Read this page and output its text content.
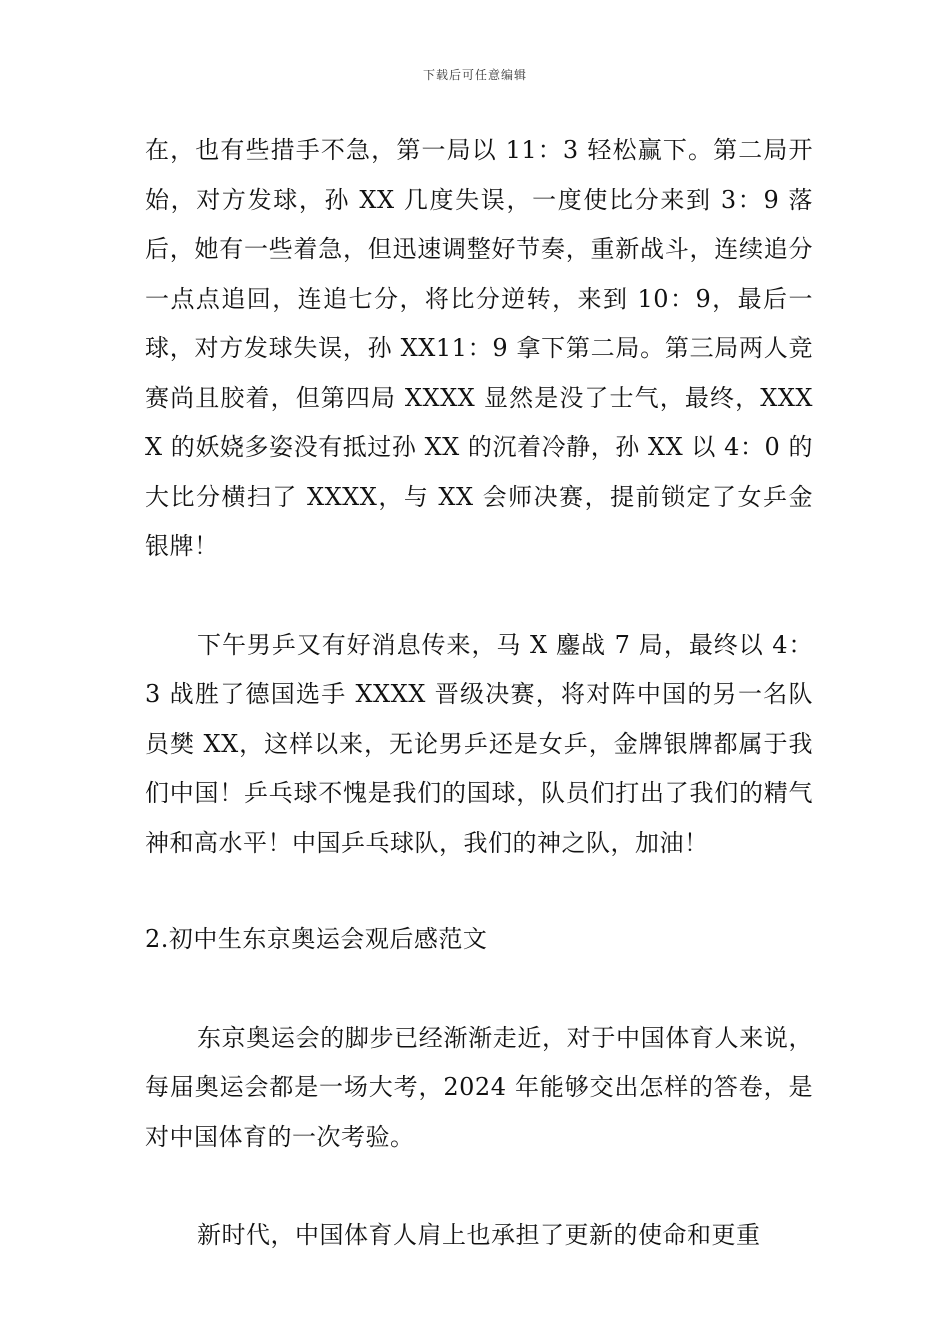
下载后可任意编辑

在，也有些措手不急，第一局以 11：3 轻松赢下。第二局开始，对方发球，孙 XX 几度失误，一度使比分来到 3：9 落后，她有一些着急，但迅速调整好节奏，重新战斗，连续追分一点点追回，连追七分，将比分逆转，来到 10：9，最后一球，对方发球失误，孙 XX11：9 拿下第二局。第三局两人竞赛尚且胶着，但第四局 XXXX 显然是没了士气，最终，XXXX 的妖娆多姿没有抵过孙 XX 的沉着冷静，孙 XX 以 4：0 的大比分横扫了 XXXX，与 XX 会师决赛，提前锁定了女乒金银牌！

下午男乒又有好消息传来，马 X 鏖战 7 局，最终以 4：3 战胜了德国选手 XXXX 晋级决赛，将对阵中国的另一名队员樊 XX，这样以来，无论男乒还是女乒，金牌银牌都属于我们中国！乒乓球不愧是我们的国球，队员们打出了我们的精气神和高水平！中国乒乓球队，我们的神之队，加油！

2.初中生东京奥运会观后感范文

东京奥运会的脚步已经渐渐走近，对于中国体育人来说，每届奥运会都是一场大考，2024 年能够交出怎样的答卷，是对中国体育的一次考验。

新时代，中国体育人肩上也承担了更新的使命和更重
